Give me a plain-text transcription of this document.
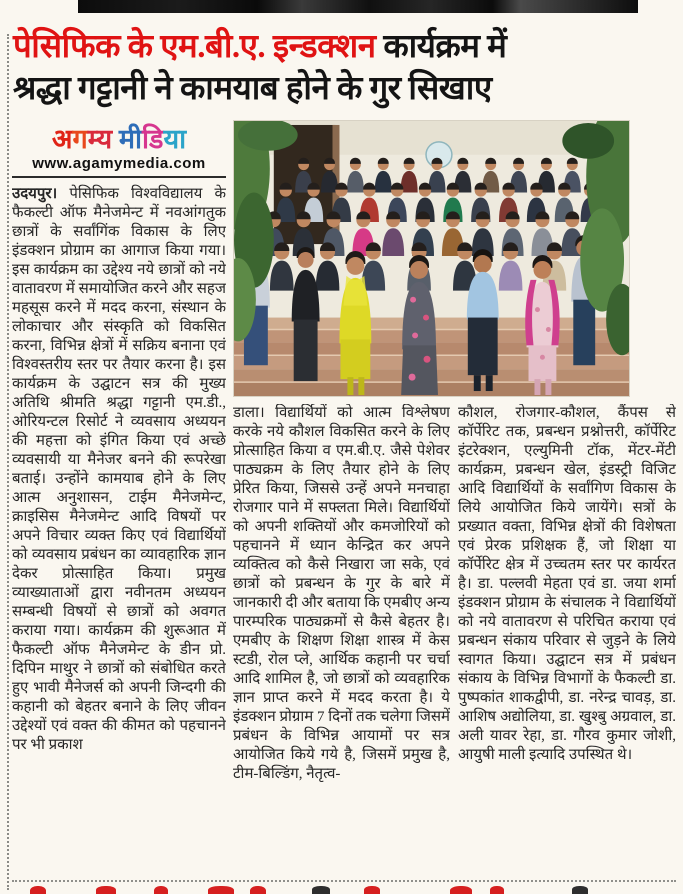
पेसिफिक के एम.बी.ए. इन्डक्शन कार्यक्रम में
श्रद्धा गट्टानी ने कामयाब होने के गुर सिखाए
अगम्य मीडिया
www.agamymedia.com
उदयपुर। पेसिफिक विश्वविद्यालय के फैकल्टी ऑफ मैनेजमेन्ट में नवआंगतुक छात्रों के सर्वांगिंक विकास के लिए इंडक्शन प्रोग्राम का आगाज किया गया। इस कार्यक्रम का उद्देश्य नये छात्रों को नये वातावरण में समायोजित करने और सहज महसूस करने में मदद करना, संस्थान के लोकाचार और संस्कृति को विकसित करना, विभिन्न क्षेत्रों में सक्रिय बनाना एवं विश्वस्तरीय स्तर पर तैयार करना है। इस कार्यक्रम के उद्घाटन सत्र की मुख्य अतिथि श्रीमति श्रद्धा गट्टानी एम.डी., ओरियन्टल रिसोर्ट ने व्यवसाय अध्ययन की महत्ता को इंगित किया एवं अच्छे व्यवसायी या मैनेजर बनने की रूपरेखा बताई। उन्होंने कामयाब होने के लिए आत्म अनुशासन, टाईम मैनेजमेन्ट, क्राइसिस मैनेजमेन्ट आदि विषयों पर अपने विचार व्यक्त किए एवं विद्यार्थियों को व्यवसाय प्रबंधन का व्यावहारिक ज्ञान देकर प्रोत्साहित किया। प्रमुख व्याख्याताओं द्वारा नवीनतम अध्ययन सम्बन्धी विषयों से छात्रों को अवगत कराया गया। कार्यक्रम की शुरूआत में फैकल्टी ऑफ मैनेजमेन्ट के डीन प्रो. दिपिन माथुर ने छात्रों को संबोधित करते हुए भावी मैनेजर्स को अपनी जिन्दगी की कहानी को बेहतर बनाने के लिए जीवन उद्देश्यों एवं वक्त की कीमत को पहचानने पर भी प्रकाश
डाला। विद्यार्थियों को आत्म विश्लेषण करके नये कौशल विकसित करने के लिए प्रोत्साहित किया व एम.बी.ए. जैसे पेशेवर पाठ्यक्रम के लिए तैयार होने के लिए प्रेरित किया, जिससे उन्हें अपने मनचाहा रोजगार पाने में सफ्लता मिले। विद्यार्थियों को अपनी शक्तियों और कमजोरियों को पहचानने में ध्यान केन्द्रित कर अपने व्यक्तित्व को कैसे निखारा जा सके, एवं छात्रों को प्रबन्धन के गुर के बारे में जानकारी दी और बताया कि एमबीए अन्य पारम्परिक पाठ्यक्रमों से कैसे बेहतर है। एमबीए के शिक्षण शिक्षा शास्त्र में केस स्टडी, रोल प्ले, आर्थिक कहानी पर चर्चा आदि शामिल है, जो छात्रों को व्यवहारिक ज्ञान प्राप्त करने में मदद करता है। ये इंडक्शन प्रोग्राम 7 दिनों तक चलेगा जिसमें प्रबंधन के विभिन्न आयामों पर सत्र आयोजित किये गये है, जिसमें प्रमुख है, टीम-बिल्डिंग, नैतृत्व-
कौशल, रोजगार-कौशल, कैंपस से कॉर्पेरिट तक, प्रबन्धन प्रश्नोत्तरी, कॉर्पेरिट इंटरेक्शन, एल्युमिनी टॉक, मेंटर-मेंटी कार्यक्रम, प्रबन्धन खेल, इंडस्ट्री विजिट आदि विद्यार्थियों के सर्वांगिण विकास के लिये आयोजित किये जायेंगे। सत्रों के प्रख्यात वक्ता, विभिन्न क्षेत्रों की विशेषता एवं प्रेरक प्रशिक्षक हैं, जो शिक्षा या कॉर्पेरिट क्षेत्र में उच्चतम स्तर पर कार्यरत है। डा. पल्लवी मेहता एवं डा. जया शर्मा इंडक्शन प्रोग्राम के संचालक ने विद्यार्थियों को नये वातावरण से परिचित कराया एवं प्रबन्धन संकाय परिवार से जुड़ने के लिये स्वागत किया। उद्घाटन सत्र में प्रबंधन संकाय के विभिन्न विभागों के फैकल्टी डा. पुष्पकांत शाकद्वीपी, डा. नरेन्द्र चावड़, डा. आशिष अद्योलिया, डा. खुश्बु अग्रवाल, डा. अली यावर रेहा, डा. गौरव कुमार जोशी, आयुषी माली इत्यादि उपस्थित थे।
